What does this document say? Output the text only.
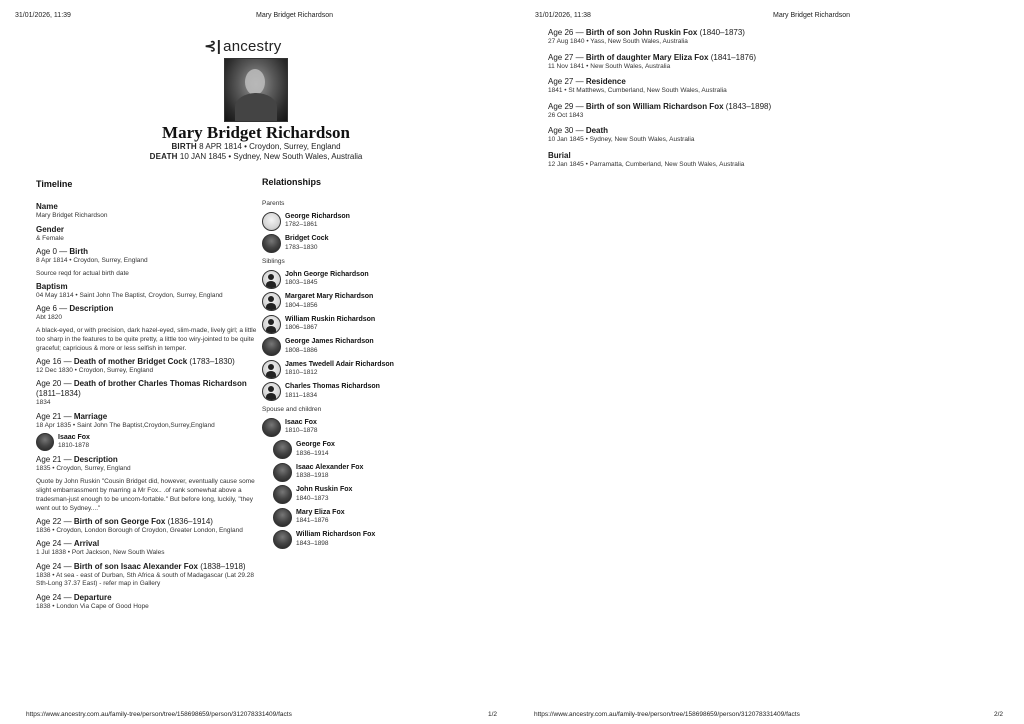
31/01/2026, 11:39	Mary Bridget Richardson
⊰| ancestry
Mary Bridget Richardson
BIRTH 8 APR 1814 • Croydon, Surrey, England
DEATH 10 JAN 1845 • Sydney, New South Wales, Australia
Timeline
Name
Mary Bridget Richardson
Gender
& Female
Age 0 — Birth
8 Apr 1814 • Croydon, Surrey, England
Source reqd for actual birth date
Baptism
04 May 1814 • Saint John The Baptist, Croydon, Surrey, England
Age 6 — Description
Abt 1820
A black-eyed, or with precision, dark hazel-eyed, slim-made, lively girl; a little too sharp in the features to be quite pretty, a little too wiry-jointed to be quite graceful; capricious & more or less selfish in temper.
Age 16 — Death of mother Bridget Cock (1783–1830)
12 Dec 1830 • Croydon, Surrey, England
Age 20 — Death of brother Charles Thomas Richardson (1811–1834)
1834
Age 21 — Marriage
18 Apr 1835 • Saint John The Baptist,Croydon,Surrey,England
Isaac Fox
1810-1878
Age 21 — Description
1835 • Croydon, Surrey, England
Quote by John Ruskin "Cousin Bridget did, however, eventually cause some slight embarrassment by marring a Mr Fox.. .of rank somewhat above a tradesman-just enough to be uncom-fortable." But before long, luckily, "they went out to Sydney...."
Age 22 — Birth of son George Fox (1836–1914)
1836 • Croydon, London Borough of Croydon, Greater London, England
Age 24 — Arrival
1 Jul 1838 • Port Jackson, New South Wales
Age 24 — Birth of son Isaac Alexander Fox (1838–1918)
1838 • At sea - east of Durban, Sth Africa & south of Madagascar (Lat 29.28 Sth-Long 37.37 East) - refer map in Gallery
Age 24 — Departure
1838 • London Via Cape of Good Hope
Relationships
Parents
George Richardson
1782–1861
Bridget Cock
1783–1830
Siblings
John George Richardson
1803–1845
Margaret Mary Richardson
1804–1856
William Ruskin Richardson
1806–1867
George James Richardson
1808–1886
James Twedell Adair Richardson
1810–1812
Charles Thomas Richardson
1811–1834
Spouse and children
Isaac Fox
1810–1878
George Fox
1836–1914
Isaac Alexander Fox
1838–1918
John Ruskin Fox
1840–1873
Mary Eliza Fox
1841–1876
William Richardson Fox
1843–1898
https://www.ancestry.com.au/family-tree/person/tree/158698659/person/312078331409/facts	1/2
31/01/2026, 11:38	Mary Bridget Richardson
Age 26 — Birth of son John Ruskin Fox (1840–1873)
27 Aug 1840 • Yass, New South Wales, Australia
Age 27 — Birth of daughter Mary Eliza Fox (1841–1876)
11 Nov 1841 • New South Wales, Australia
Age 27 — Residence
1841 • St Matthews, Cumberland, New South Wales, Australia
Age 29 — Birth of son William Richardson Fox (1843–1898)
26 Oct 1843
Age 30 — Death
10 Jan 1845 • Sydney, New South Wales, Australia
Burial
12 Jan 1845 • Parramatta, Cumberland, New South Wales, Australia
https://www.ancestry.com.au/family-tree/person/tree/158698659/person/312078331409/facts	2/2
